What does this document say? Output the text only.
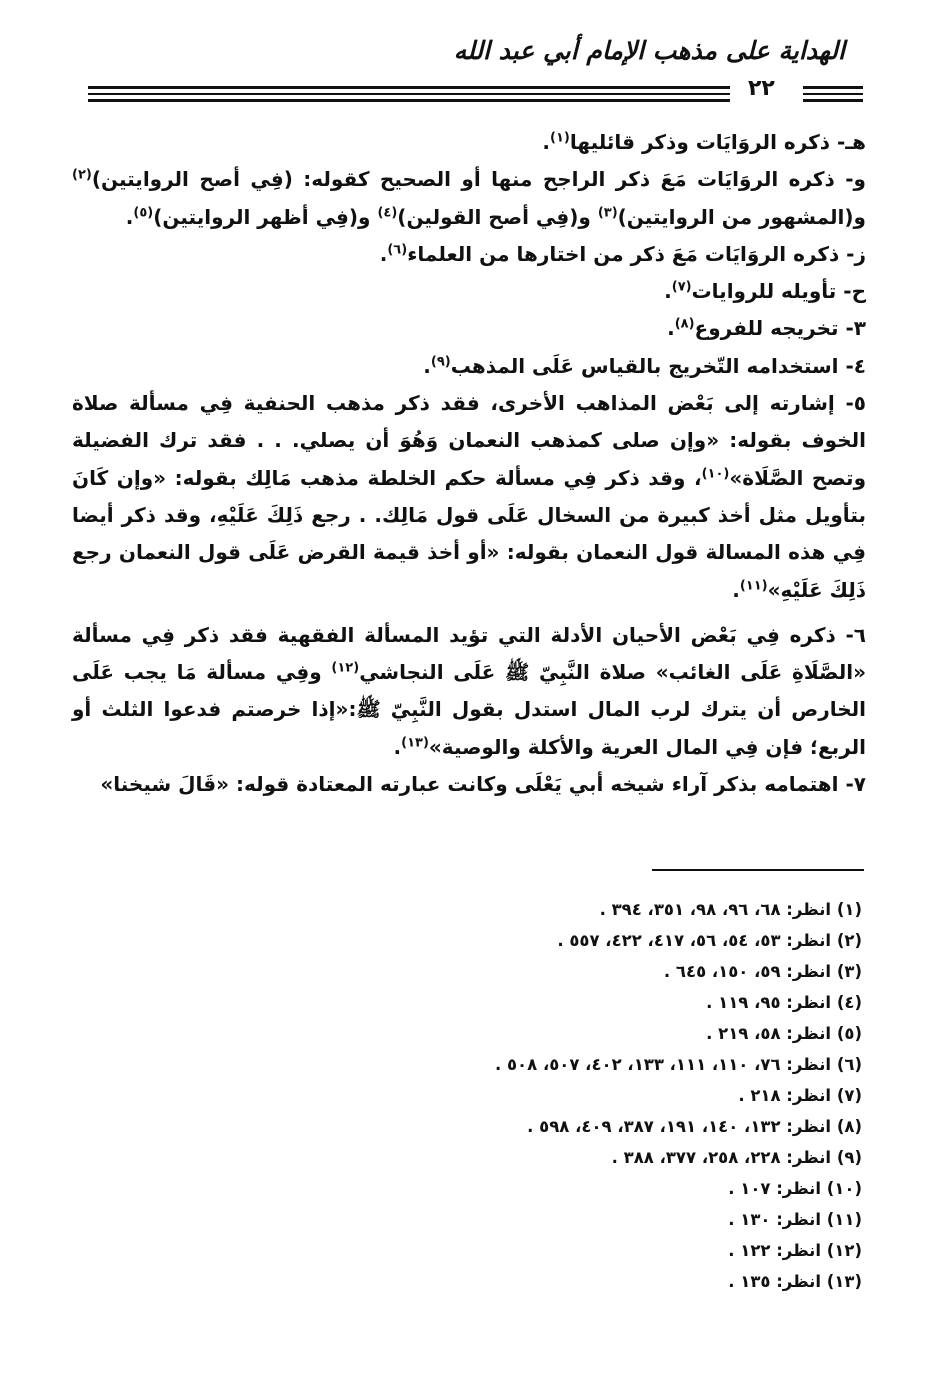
الهداية على مذهب الإمام أبي عبد الله
٢٢

هـ- ذكره الروَايَات وذكر قائليها$^{(١)}$.

و- ذكره الروَايَات مَعَ ذكر الراجح منها أو الصحيح كقوله: (فِي أصح الروايتين)$^{(٢)}$ و(المشهور من الروايتين)$^{(٣)}$ و(فِي أصح القولين)$^{(٤)}$ و(فِي أظهر الروايتين)$^{(٥)}$.

ز- ذكره الروَايَات مَعَ ذكر من اختارها من العلماء$^{(٦)}$.

ح- تأويله للروايات$^{(٧)}$.

٣- تخريجه للفروع$^{(٨)}$.

٤- استخدامه التّخريج بالقياس عَلَى المذهب$^{(٩)}$.

٥- إشارته إلى بَعْض المذاهب الأخرى، فقد ذكر مذهب الحنفية فِي مسألة صلاة الخوف بقوله: «وإن صلى كمذهب النعمان وَهُوَ أن يصلي. . . فقد ترك الفضيلة وتصح الصَّلَاة»$^{(١٠)}$، وقد ذكر فِي مسألة حكم الخلطة مذهب مَالِك بقوله: «وإن كَانَ بتأويل مثل أخذ كبيرة من السخال عَلَى قول مَالِك. . رجع ذَلِكَ عَلَيْهِ، وقد ذكر أيضا فِي هذه المسالة قول النعمان بقوله: «أو أخذ قيمة القرض عَلَى قول النعمان رجع ذَلِكَ عَلَيْهِ»$^{(١١)}$.

٦- ذكره فِي بَعْض الأحيان الأدلة التي تؤيد المسألة الفقهية فقد ذكر فِي مسألة «الصَّلَاةِ عَلَى الغائب» صلاة النَّبِيّ ﷺ عَلَى النجاشي$^{(١٢)}$ وفِي مسألة مَا يجب عَلَى الخارص أن يترك لرب المال استدل بقول النَّبِيّ ﷺ:«إذا خرصتم فدعوا الثلث أو الربع؛ فإن فِي المال العرية والأكلة والوصية»$^{(١٣)}$.

٧- اهتمامه بذكر آراء شيخه أبي يَعْلَى وكانت عبارته المعتادة قوله: «قَالَ شيخنا»

(١) انظر: ٦٨، ٩٦، ٩٨، ٣٥١، ٣٩٤ .
(٢) انظر: ٥٣، ٥٤، ٥٦، ٤١٧، ٤٢٢، ٥٥٧ .
(٣) انظر: ٥٩، ١٥٠، ٦٤٥ .
(٤) انظر: ٩٥، ١١٩ .
(٥) انظر: ٥٨، ٢١٩ .
(٦) انظر: ٧٦، ١١٠، ١١١، ١٣٣، ٤٠٢، ٥٠٧، ٥٠٨ .
(٧) انظر: ٢١٨ .
(٨) انظر: ١٣٢، ١٤٠، ١٩١، ٣٨٧، ٤٠٩، ٥٩٨ .
(٩) انظر: ٢٢٨، ٢٥٨، ٣٧٧، ٣٨٨ .
(١٠) انظر: ١٠٧ .
(١١) انظر: ١٣٠ .
(١٢) انظر: ١٢٢ .
(١٣) انظر: ١٣٥ .
